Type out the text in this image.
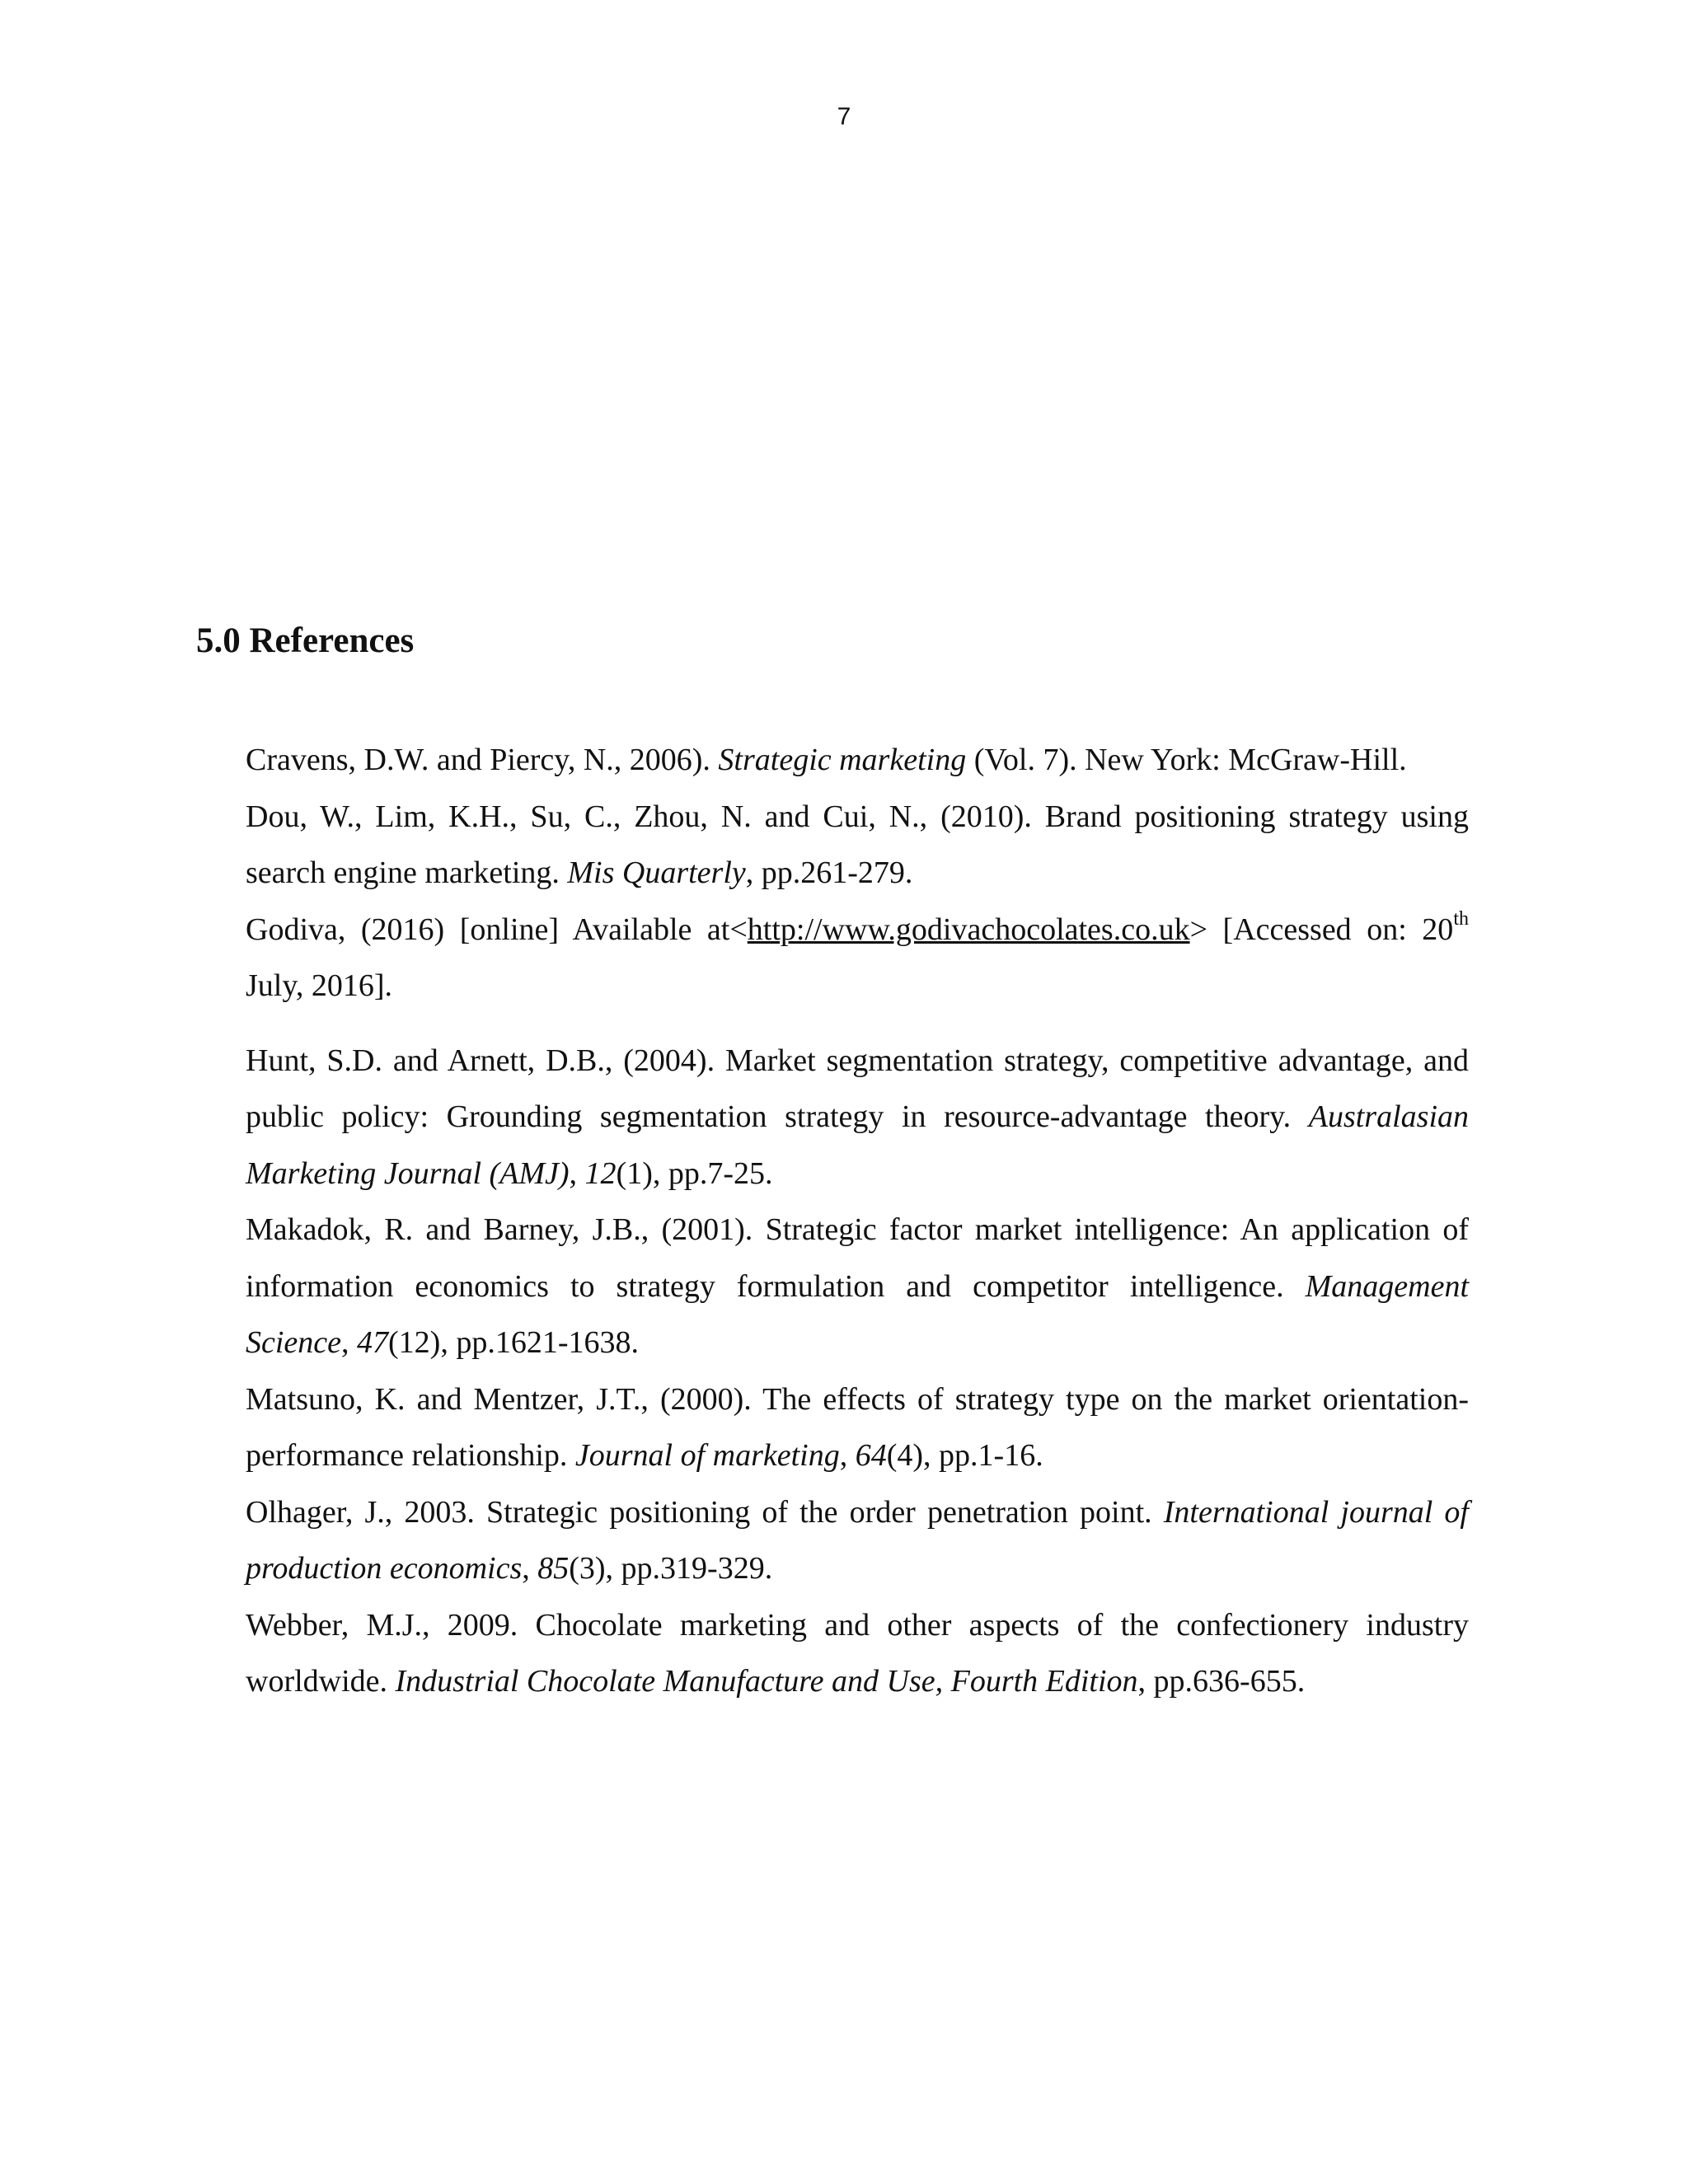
7
5.0 References

Cravens, D.W. and Piercy, N., 2006). Strategic marketing (Vol. 7). New York: McGraw-Hill.

Dou, W., Lim, K.H., Su, C., Zhou, N. and Cui, N., (2010). Brand positioning strategy using search engine marketing. Mis Quarterly, pp.261-279.

Godiva, (2016) [online] Available at<http://www.godivachocolates.co.uk> [Accessed on: 20th July, 2016].

Hunt, S.D. and Arnett, D.B., (2004). Market segmentation strategy, competitive advantage, and public policy: Grounding segmentation strategy in resource-advantage theory. Australasian Marketing Journal (AMJ), 12(1), pp.7-25.

Makadok, R. and Barney, J.B., (2001). Strategic factor market intelligence: An application of information economics to strategy formulation and competitor intelligence. Management Science, 47(12), pp.1621-1638.

Matsuno, K. and Mentzer, J.T., (2000). The effects of strategy type on the market orientation-performance relationship. Journal of marketing, 64(4), pp.1-16.

Olhager, J., 2003. Strategic positioning of the order penetration point. International journal of production economics, 85(3), pp.319-329.

Webber, M.J., 2009. Chocolate marketing and other aspects of the confectionery industry worldwide. Industrial Chocolate Manufacture and Use, Fourth Edition, pp.636-655.
